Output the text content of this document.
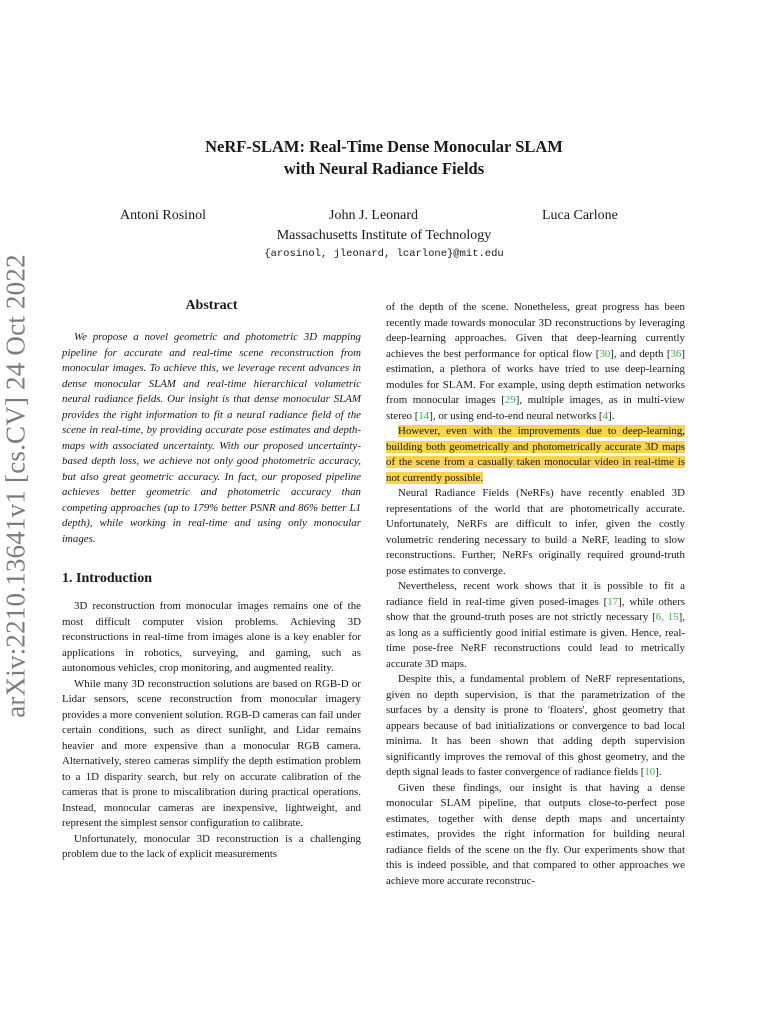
arXiv:2210.13641v1 [cs.CV] 24 Oct 2022
NeRF-SLAM: Real-Time Dense Monocular SLAM
with Neural Radiance Fields
Antoni Rosinol	John J. Leonard	Luca Carlone
Massachusetts Institute of Technology
{arosinol, jleonard, lcarlone}@mit.edu
Abstract

We propose a novel geometric and photometric 3D mapping pipeline for accurate and real-time scene reconstruction from monocular images. To achieve this, we leverage recent advances in dense monocular SLAM and real-time hierarchical volumetric neural radiance fields. Our insight is that dense monocular SLAM provides the right information to fit a neural radiance field of the scene in real-time, by providing accurate pose estimates and depth-maps with associated uncertainty. With our proposed uncertainty-based depth loss, we achieve not only good photometric accuracy, but also great geometric accuracy. In fact, our proposed pipeline achieves better geometric and photometric accuracy than competing approaches (up to 179% better PSNR and 86% better L1 depth), while working in real-time and using only monocular images.

1. Introduction

3D reconstruction from monocular images remains one of the most difficult computer vision problems. Achieving 3D reconstructions in real-time from images alone is a key enabler for applications in robotics, surveying, and gaming, such as autonomous vehicles, crop monitoring, and augmented reality.

While many 3D reconstruction solutions are based on RGB-D or Lidar sensors, scene reconstruction from monocular imagery provides a more convenient solution. RGB-D cameras can fail under certain conditions, such as direct sunlight, and Lidar remains heavier and more expensive than a monocular RGB camera. Alternatively, stereo cameras simplify the depth estimation problem to a 1D disparity search, but rely on accurate calibration of the cameras that is prone to miscalibration during practical operations. Instead, monocular cameras are inexpensive, lightweight, and represent the simplest sensor configuration to calibrate.

Unfortunately, monocular 3D reconstruction is a challenging problem due to the lack of explicit measurements

of the depth of the scene. Nonetheless, great progress has been recently made towards monocular 3D reconstructions by leveraging deep-learning approaches. Given that deep-learning currently achieves the best performance for optical flow [30], and depth [36] estimation, a plethora of works have tried to use deep-learning modules for SLAM. For example, using depth estimation networks from monocular images [29], multiple images, as in multi-view stereo [14], or using end-to-end neural networks [4].

However, even with the improvements due to deep-learning, building both geometrically and photometrically accurate 3D maps of the scene from a casually taken monocular video in real-time is not currently possible.

Neural Radiance Fields (NeRFs) have recently enabled 3D representations of the world that are photometrically accurate. Unfortunately, NeRFs are difficult to infer, given the costly volumetric rendering necessary to build a NeRF, leading to slow reconstructions. Further, NeRFs originally required ground-truth pose estimates to converge.

Nevertheless, recent work shows that it is possible to fit a radiance field in real-time given posed-images [17], while others show that the ground-truth poses are not strictly necessary [6, 15], as long as a sufficiently good initial estimate is given. Hence, real-time pose-free NeRF reconstructions could lead to metrically accurate 3D maps.

Despite this, a fundamental problem of NeRF representations, given no depth supervision, is that the parametrization of the surfaces by a density is prone to 'floaters', ghost geometry that appears because of bad initializations or convergence to bad local minima. It has been shown that adding depth supervision significantly improves the removal of this ghost geometry, and the depth signal leads to faster convergence of radiance fields [10].

Given these findings, our insight is that having a dense monocular SLAM pipeline, that outputs close-to-perfect pose estimates, together with dense depth maps and uncertainty estimates, provides the right information for building neural radiance fields of the scene on the fly. Our experiments show that this is indeed possible, and that compared to other approaches we achieve more accurate reconstruc-
